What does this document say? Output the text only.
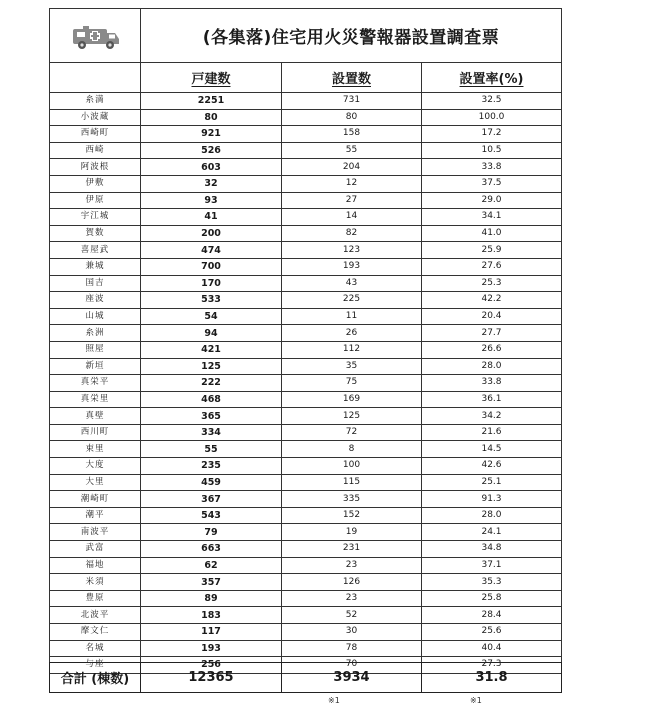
	(各集落)住宅用火災警報器設置調査票		
	戸建数	設置数	設置率(%)
糸満	2251	731	32.5
小波蔵	80	80	100.0
西崎町	921	158	17.2
西崎	526	55	10.5
阿波根	603	204	33.8
伊敷	32	12	37.5
伊原	93	27	29.0
宇江城	41	14	34.1
賀数	200	82	41.0
喜屋武	474	123	25.9
兼城	700	193	27.6
国吉	170	43	25.3
座波	533	225	42.2
山城	54	11	20.4
糸洲	94	26	27.7
照屋	421	112	26.6
新垣	125	35	28.0
真栄平	222	75	33.8
真栄里	468	169	36.1
真壁	365	125	34.2
西川町	334	72	21.6
束里	55	8	14.5
大度	235	100	42.6
大里	459	115	25.1
潮崎町	367	335	91.3
潮平	543	152	28.0
南波平	79	19	24.1
武富	663	231	34.8
福地	62	23	37.1
米須	357	126	35.3
豊原	89	23	25.8
北波平	183	52	28.4
摩文仁	117	30	25.6
名城	193	78	40.4
与座	256	70	27.3
合計 (棟数)	12365	3934	31.8
※1	※1
